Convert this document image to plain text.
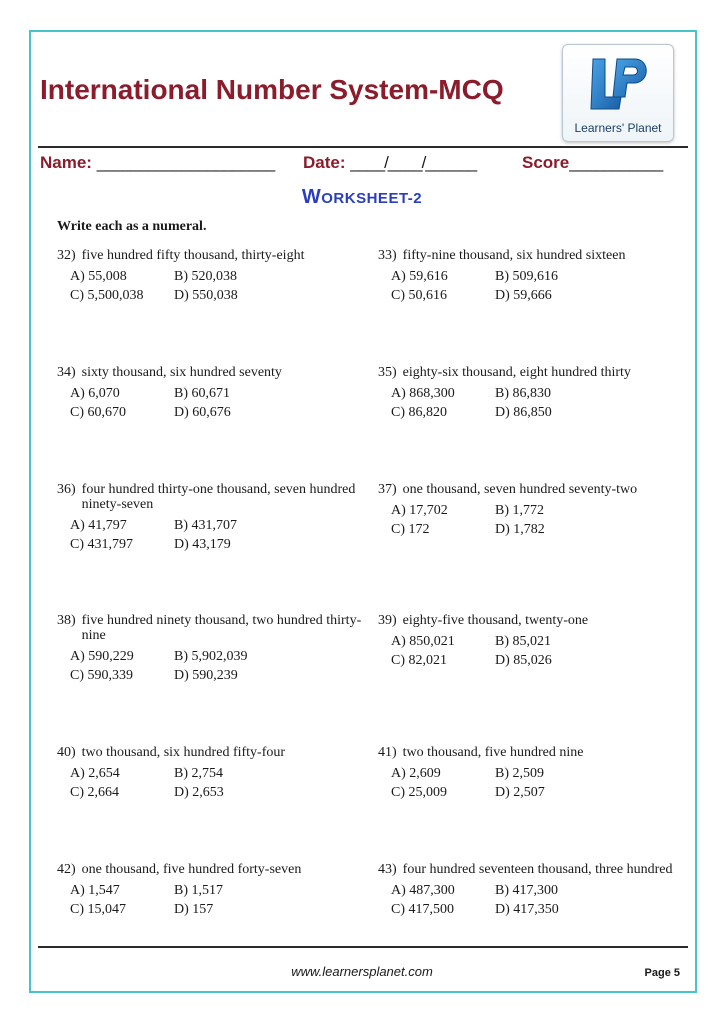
International Number System-MCQ
Learners' Planet
Name: _____________________ Date: ____/____/______	Score___________
WORKSHEET-2
Write each as a numeral.
32) five hundred fifty thousand, thirty-eight
A) 55,008	B) 520,038
C) 5,500,038	D) 550,038
33) fifty-nine thousand, six hundred sixteen
A) 59,616	B) 509,616
C) 50,616	D) 59,666
34) sixty thousand, six hundred seventy
A) 6,070	B) 60,671
C) 60,670	D) 60,676
35) eighty-six thousand, eight hundred thirty
A) 868,300	B) 86,830
C) 86,820	D) 86,850
36) four hundred thirty-one thousand, seven hundred ninety-seven
A) 41,797	B) 431,707
C) 431,797	D) 43,179
37) one thousand, seven hundred seventy-two
A) 17,702	B) 1,772
C) 172	D) 1,782
38) five hundred ninety thousand, two hundred thirty-nine
A) 590,229	B) 5,902,039
C) 590,339	D) 590,239
39) eighty-five thousand, twenty-one
A) 850,021	B) 85,021
C) 82,021	D) 85,026
40) two thousand, six hundred fifty-four
A) 2,654	B) 2,754
C) 2,664	D) 2,653
41) two thousand, five hundred nine
A) 2,609	B) 2,509
C) 25,009	D) 2,507
42) one thousand, five hundred forty-seven
A) 1,547	B) 1,517
C) 15,047	D) 157
43) four hundred seventeen thousand, three hundred
A) 487,300	B) 417,300
C) 417,500	D) 417,350
www.learnersplanet.com	Page 5
